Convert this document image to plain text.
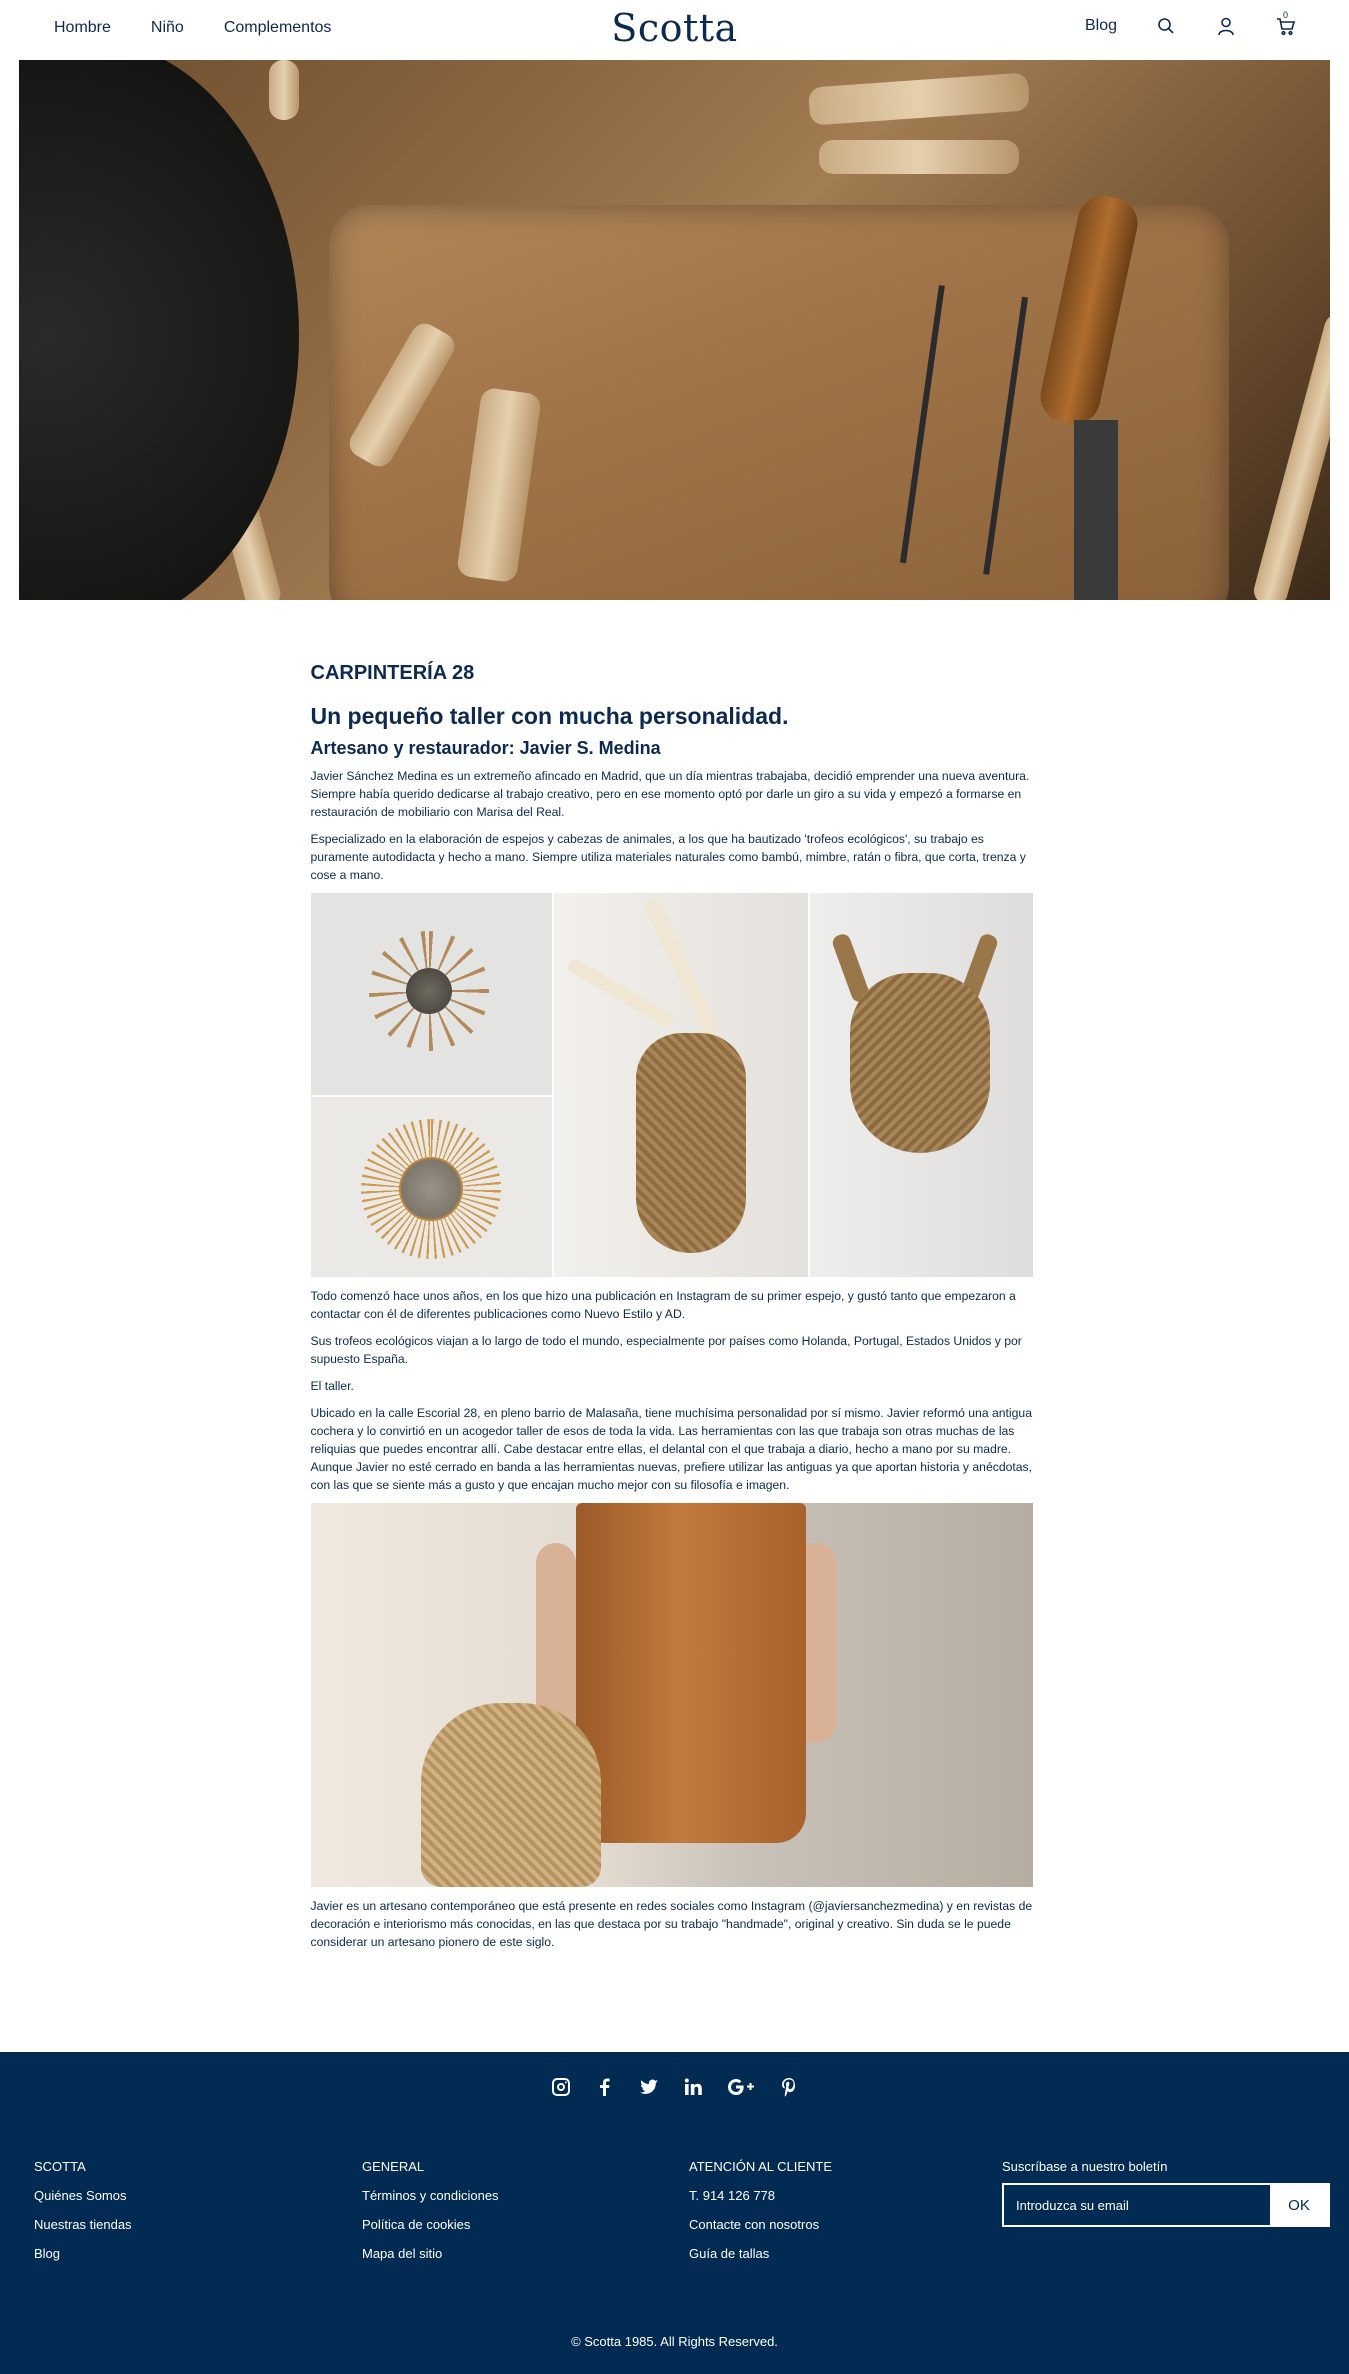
Hombre	Niño	Complementos	Scotta	Blog
0
CARPINTERÍA 28
Un pequeño taller con mucha personalidad.
Artesano y restaurador: Javier S. Medina

Javier Sánchez Medina es un extremeño afincado en Madrid, que un día mientras trabajaba, decidió emprender una nueva aventura. Siempre había querido dedicarse al trabajo creativo, pero en ese momento optó por darle un giro a su vida y empezó a formarse en restauración de mobiliario con Marisa del Real.

Especializado en la elaboración de espejos y cabezas de animales, a los que ha bautizado 'trofeos ecológicos', su trabajo es puramente autodidacta y hecho a mano. Siempre utiliza materiales naturales como bambú, mimbre, ratán o fibra, que corta, trenza y cose a mano.

Todo comenzó hace unos años, en los que hizo una publicación en Instagram de su primer espejo, y gustó tanto que empezaron a contactar con él de diferentes publicaciones como Nuevo Estilo y AD.

Sus trofeos ecológicos viajan a lo largo de todo el mundo, especialmente por países como Holanda, Portugal, Estados Unidos y por supuesto España.

El taller.

Ubicado en la calle Escorial 28, en pleno barrio de Malasaña, tiene muchísima personalidad por sí mismo. Javier reformó una antigua cochera y lo convirtió en un acogedor taller de esos de toda la vida. Las herramientas con las que trabaja son otras muchas de las reliquias que puedes encontrar allí. Cabe destacar entre ellas, el delantal con el que trabaja a diario, hecho a mano por su madre. Aunque Javier no esté cerrado en banda a las herramientas nuevas, prefiere utilizar las antiguas ya que aportan historia y anécdotas, con las que se siente más a gusto y que encajan mucho mejor con su filosofía e imagen.

Javier es un artesano contemporáneo que está presente en redes sociales como Instagram (@javiersanchezmedina) y en revistas de decoración e interiorismo más conocidas, en las que destaca por su trabajo "handmade", original y creativo. Sin duda se le puede considerar un artesano pionero de este siglo.

SCOTTA
Quiénes Somos
Nuestras tiendas
Blog
GENERAL
Términos y condiciones
Política de cookies
Mapa del sitio
ATENCIÓN AL CLIENTE
T. 914 126 778
Contacte con nosotros
Guía de tallas
Suscríbase a nuestro boletín
Introduzca su email
OK
© Scotta 1985. All Rights Reserved.
